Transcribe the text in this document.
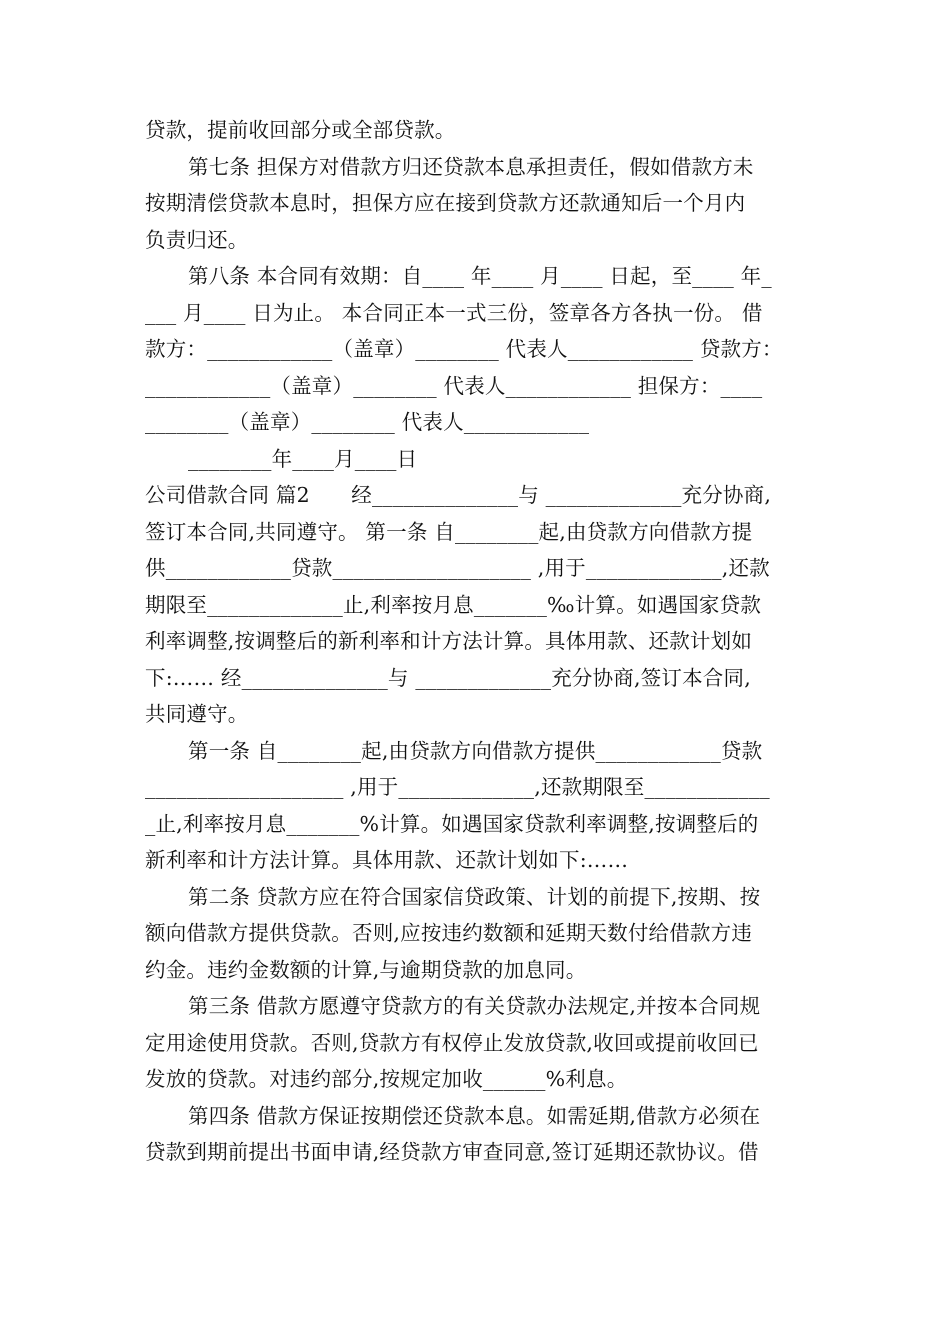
贷款，提前收回部分或全部贷款。
第七条 担保方对借款方归还贷款本息承担责任，假如借款方未
按期清偿贷款本息时，担保方应在接到贷款方还款通知后一个月内
负责归还。
第八条 本合同有效期：自____ 年____ 月____ 日起，至____ 年_
___ 月____ 日为止。 本合同正本一式三份，签章各方各执一份。 借
款方：____________（盖章）________ 代表人____________ 贷款方：
____________（盖章）________ 代表人____________ 担保方：____
________（盖章）________ 代表人____________
________年____月____日
公司借款合同 篇2　　经______________与 _____________充分协商,
签订本合同,共同遵守。 第一条 自________起,由贷款方向借款方提
供____________贷款___________________ ,用于_____________,还款
期限至_____________止,利率按月息_______‰计算。如遇国家贷款
利率调整,按调整后的新利率和计方法计算。具体用款、还款计划如
下:…… 经______________与 _____________充分协商,签订本合同,
共同遵守。
第一条 自________起,由贷款方向借款方提供____________贷款
___________________ ,用于_____________,还款期限至____________
_止,利率按月息_______%计算。如遇国家贷款利率调整,按调整后的
新利率和计方法计算。具体用款、还款计划如下:……
第二条 贷款方应在符合国家信贷政策、计划的前提下,按期、按
额向借款方提供贷款。否则,应按违约数额和延期天数付给借款方违
约金。违约金数额的计算,与逾期贷款的加息同。
第三条 借款方愿遵守贷款方的有关贷款办法规定,并按本合同规
定用途使用贷款。否则,贷款方有权停止发放贷款,收回或提前收回已
发放的贷款。对违约部分,按规定加收______%利息。
第四条 借款方保证按期偿还贷款本息。如需延期,借款方必须在
贷款到期前提出书面申请,经贷款方审查同意,签订延期还款协议。借
